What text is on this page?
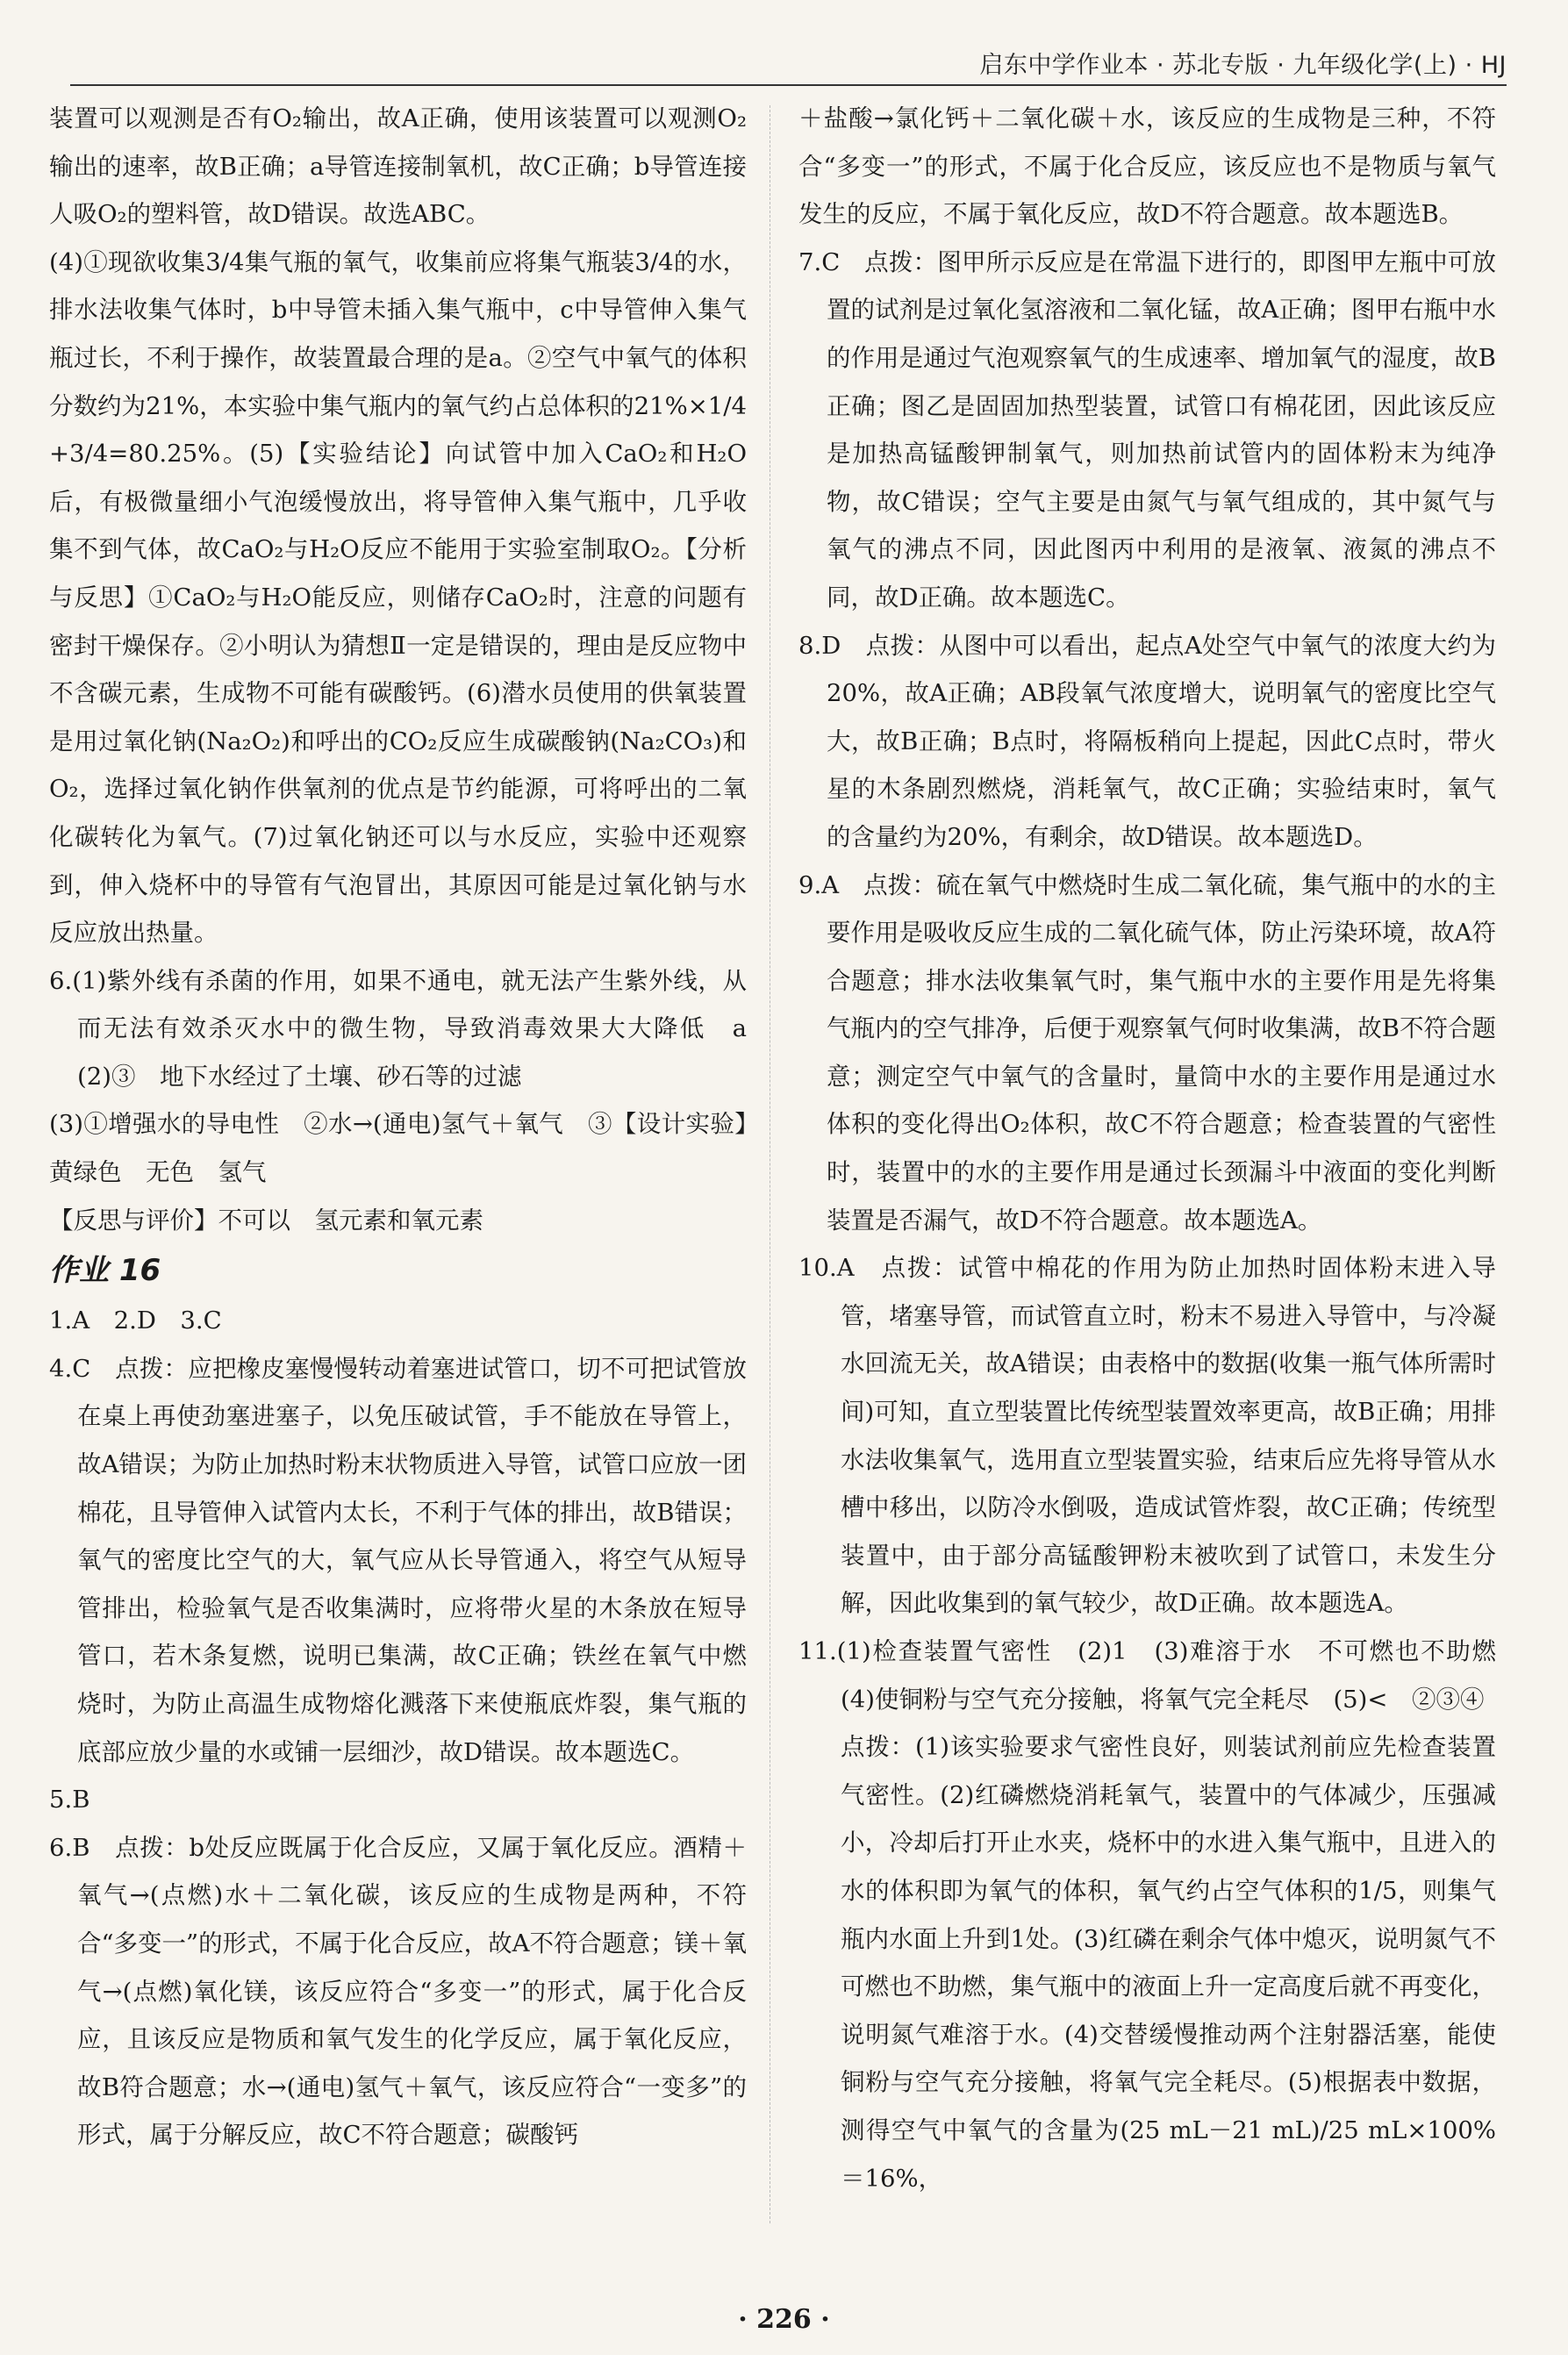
启东中学作业本 · 苏北专版 · 九年级化学(上) · HJ

装置可以观测是否有O₂输出，故A正确，使用该装置可以观测O₂输出的速率，故B正确；a导管连接制氧机，故C正确；b导管连接人吸O₂的塑料管，故D错误。故选ABC。

(4)①现欲收集3/4集气瓶的氧气，收集前应将集气瓶装3/4的水，排水法收集气体时，b中导管未插入集气瓶中，c中导管伸入集气瓶过长，不利于操作，故装置最合理的是a。②空气中氧气的体积分数约为21%，本实验中集气瓶内的氧气约占总体积的21%×1/4+3/4=80.25%。(5)【实验结论】向试管中加入CaO₂和H₂O后，有极微量细小气泡缓慢放出，将导管伸入集气瓶中，几乎收集不到气体，故CaO₂与H₂O反应不能用于实验室制取O₂。【分析与反思】①CaO₂与H₂O能反应，则储存CaO₂时，注意的问题有密封干燥保存。②小明认为猜想Ⅱ一定是错误的，理由是反应物中不含碳元素，生成物不可能有碳酸钙。(6)潜水员使用的供氧装置是用过氧化钠(Na₂O₂)和呼出的CO₂反应生成碳酸钠(Na₂CO₃)和O₂，选择过氧化钠作供氧剂的优点是节约能源，可将呼出的二氧化碳转化为氧气。(7)过氧化钠还可以与水反应，实验中还观察到，伸入烧杯中的导管有气泡冒出，其原因可能是过氧化钠与水反应放出热量。

6.(1)紫外线有杀菌的作用，如果不通电，就无法产生紫外线，从而无法有效杀灭水中的微生物，导致消毒效果大大降低　a　(2)③　地下水经过了土壤、砂石等的过滤

(3)①增强水的导电性　②水→(通电)氢气＋氧气　③【设计实验】黄绿色　无色　氢气

【反思与评价】不可以　氢元素和氧元素

作业 16

1.A　2.D　3.C

4.C　点拨：应把橡皮塞慢慢转动着塞进试管口，切不可把试管放在桌上再使劲塞进塞子，以免压破试管，手不能放在导管上，故A错误；为防止加热时粉末状物质进入导管，试管口应放一团棉花，且导管伸入试管内太长，不利于气体的排出，故B错误；氧气的密度比空气的大，氧气应从长导管通入，将空气从短导管排出，检验氧气是否收集满时，应将带火星的木条放在短导管口，若木条复燃，说明已集满，故C正确；铁丝在氧气中燃烧时，为防止高温生成物熔化溅落下来使瓶底炸裂，集气瓶的底部应放少量的水或铺一层细沙，故D错误。故本题选C。

5.B

6.B　点拨：b处反应既属于化合反应，又属于氧化反应。酒精＋氧气→(点燃)水＋二氧化碳，该反应的生成物是两种，不符合“多变一”的形式，不属于化合反应，故A不符合题意；镁＋氧气→(点燃)氧化镁，该反应符合“多变一”的形式，属于化合反应，且该反应是物质和氧气发生的化学反应，属于氧化反应，故B符合题意；水→(通电)氢气＋氧气，该反应符合“一变多”的形式，属于分解反应，故C不符合题意；碳酸钙

＋盐酸→氯化钙＋二氧化碳＋水，该反应的生成物是三种，不符合“多变一”的形式，不属于化合反应，该反应也不是物质与氧气发生的反应，不属于氧化反应，故D不符合题意。故本题选B。

7.C　点拨：图甲所示反应是在常温下进行的，即图甲左瓶中可放置的试剂是过氧化氢溶液和二氧化锰，故A正确；图甲右瓶中水的作用是通过气泡观察氧气的生成速率、增加氧气的湿度，故B正确；图乙是固固加热型装置，试管口有棉花团，因此该反应是加热高锰酸钾制氧气，则加热前试管内的固体粉末为纯净物，故C错误；空气主要是由氮气与氧气组成的，其中氮气与氧气的沸点不同，因此图丙中利用的是液氧、液氮的沸点不同，故D正确。故本题选C。

8.D　点拨：从图中可以看出，起点A处空气中氧气的浓度大约为20%，故A正确；AB段氧气浓度增大，说明氧气的密度比空气大，故B正确；B点时，将隔板稍向上提起，因此C点时，带火星的木条剧烈燃烧，消耗氧气，故C正确；实验结束时，氧气的含量约为20%，有剩余，故D错误。故本题选D。

9.A　点拨：硫在氧气中燃烧时生成二氧化硫，集气瓶中的水的主要作用是吸收反应生成的二氧化硫气体，防止污染环境，故A符合题意；排水法收集氧气时，集气瓶中水的主要作用是先将集气瓶内的空气排净，后便于观察氧气何时收集满，故B不符合题意；测定空气中氧气的含量时，量筒中水的主要作用是通过水体积的变化得出O₂体积，故C不符合题意；检查装置的气密性时，装置中的水的主要作用是通过长颈漏斗中液面的变化判断装置是否漏气，故D不符合题意。故本题选A。

10.A　点拨：试管中棉花的作用为防止加热时固体粉末进入导管，堵塞导管，而试管直立时，粉末不易进入导管中，与冷凝水回流无关，故A错误；由表格中的数据(收集一瓶气体所需时间)可知，直立型装置比传统型装置效率更高，故B正确；用排水法收集氧气，选用直立型装置实验，结束后应先将导管从水槽中移出，以防冷水倒吸，造成试管炸裂，故C正确；传统型装置中，由于部分高锰酸钾粉末被吹到了试管口，未发生分解，因此收集到的氧气较少，故D正确。故本题选A。

11.(1)检查装置气密性　(2)1　(3)难溶于水　不可燃也不助燃　(4)使铜粉与空气充分接触，将氧气完全耗尽　(5)<　②③④

点拨：(1)该实验要求气密性良好，则装试剂前应先检查装置气密性。(2)红磷燃烧消耗氧气，装置中的气体减少，压强减小，冷却后打开止水夹，烧杯中的水进入集气瓶中，且进入的水的体积即为氧气的体积，氧气约占空气体积的1/5，则集气瓶内水面上升到1处。(3)红磷在剩余气体中熄灭，说明氮气不可燃也不助燃，集气瓶中的液面上升一定高度后就不再变化，说明氮气难溶于水。(4)交替缓慢推动两个注射器活塞，能使铜粉与空气充分接触，将氧气完全耗尽。(5)根据表中数据，测得空气中氧气的含量为(25 mL－21 mL)/25 mL×100%＝16%，

· 226 ·
